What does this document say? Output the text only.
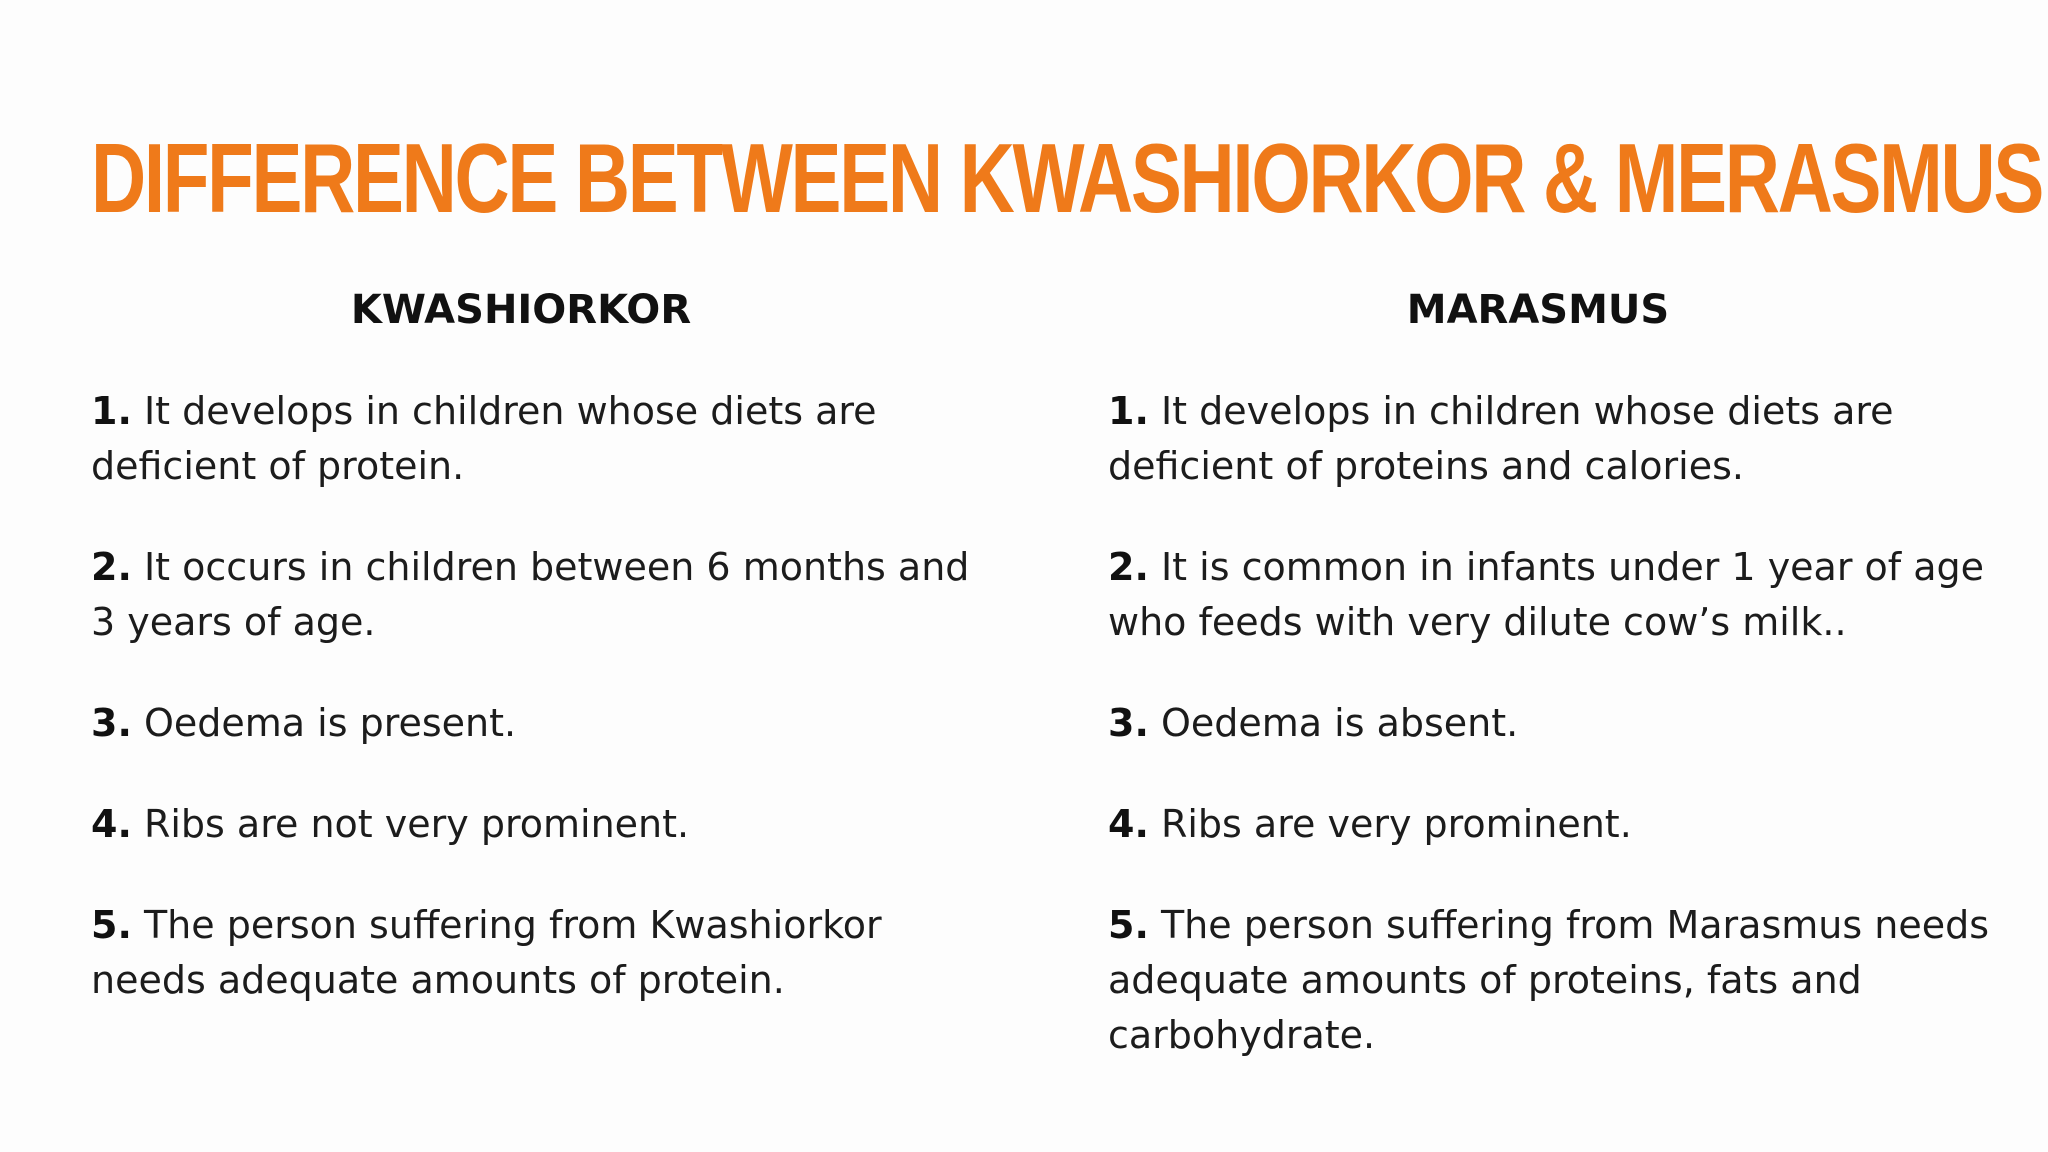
DIFFERENCE BETWEEN KWASHIORKOR & MERASMUS
KWASHIORKOR

1. It develops in children whose diets are deficient of protein.

2. It occurs in children between 6 months and 3 years of age.

3. Oedema is present.

4. Ribs are not very prominent.

5. The person suffering from Kwashiorkor needs adequate amounts of protein.

MARASMUS

1. It develops in children whose diets are deficient of proteins and calories.

2. It is common in infants under 1 year of age who feeds with very dilute cow’s milk..

3. Oedema is absent.

4. Ribs are very prominent.

5. The person suffering from Marasmus needs adequate amounts of proteins, fats and carbohydrate.
